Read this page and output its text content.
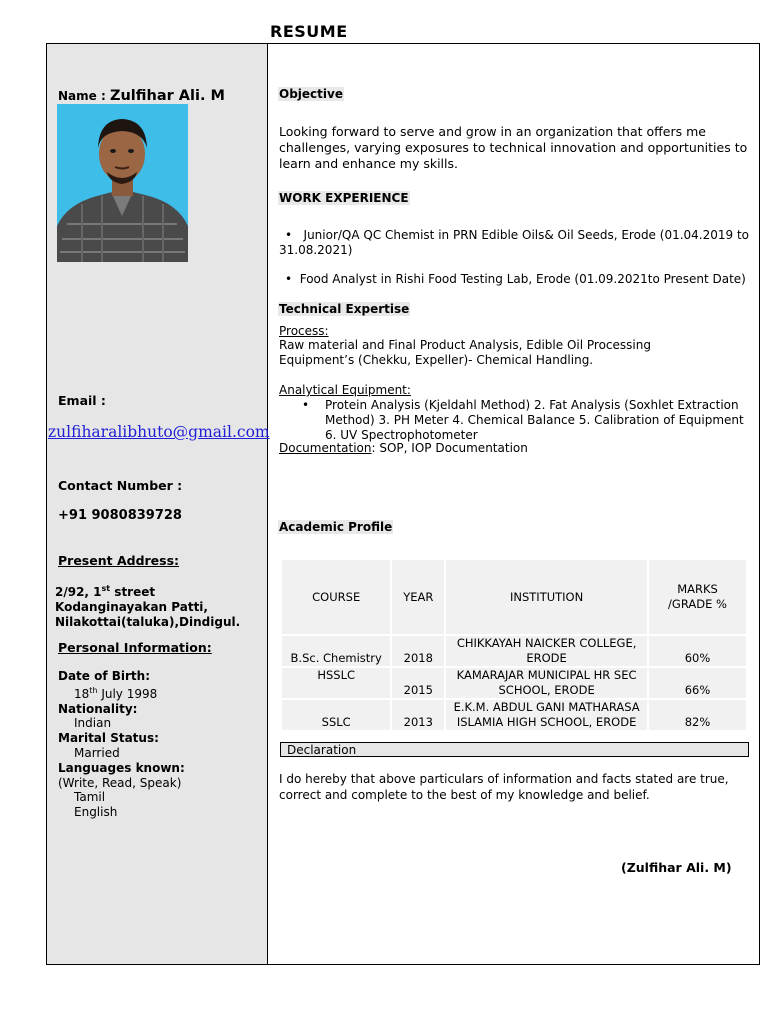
RESUME
Name : Zulfihar Ali. M
Email :
zulfiharalibhuto@gmail.com
Contact Number :
+91 9080839728
Present Address:
2/92, 1st street
Kodanginayakan Patti,
Nilakottai(taluka),Dindigul.
Personal Information:
Date of Birth:
18th July 1998
Nationality:
Indian
Marital Status:
Married
Languages known:
(Write, Read, Speak)
Tamil
English
Objective
Looking forward to serve and grow in an organization that offers me challenges, varying exposures to technical innovation and opportunities to learn and enhance my skills.
WORK EXPERIENCE
•   Junior/QA QC Chemist in PRN Edible Oils& Oil Seeds, Erode (01.04.2019 to
31.08.2021)
•  Food Analyst in Rishi Food Testing Lab, Erode (01.09.2021to Present Date)
Technical Expertise
Process:
Raw material and Final Product Analysis, Edible Oil Processing Equipment’s (Chekku, Expeller)- Chemical Handling.
Analytical Equipment:
• Protein Analysis (Kjeldahl Method) 2. Fat Analysis (Soxhlet Extraction Method) 3. PH Meter 4. Chemical Balance 5. Calibration of Equipment 6. UV Spectrophotometer
Documentation: SOP, IOP Documentation
Academic Profile
COURSE	YEAR	INSTITUTION	MARKS /GRADE %
B.Sc. Chemistry	2018	CHIKKAYAH NAICKER COLLEGE, ERODE	60%
HSSLC	2015	KAMARAJAR MUNICIPAL HR SEC SCHOOL, ERODE	66%
SSLC	2013	E.K.M. ABDUL GANI MATHARASA ISLAMIA HIGH SCHOOL, ERODE	82%
Declaration
I do hereby that above particulars of information and facts stated are true, correct and complete to the best of my knowledge and belief.
(Zulfihar Ali. M)
